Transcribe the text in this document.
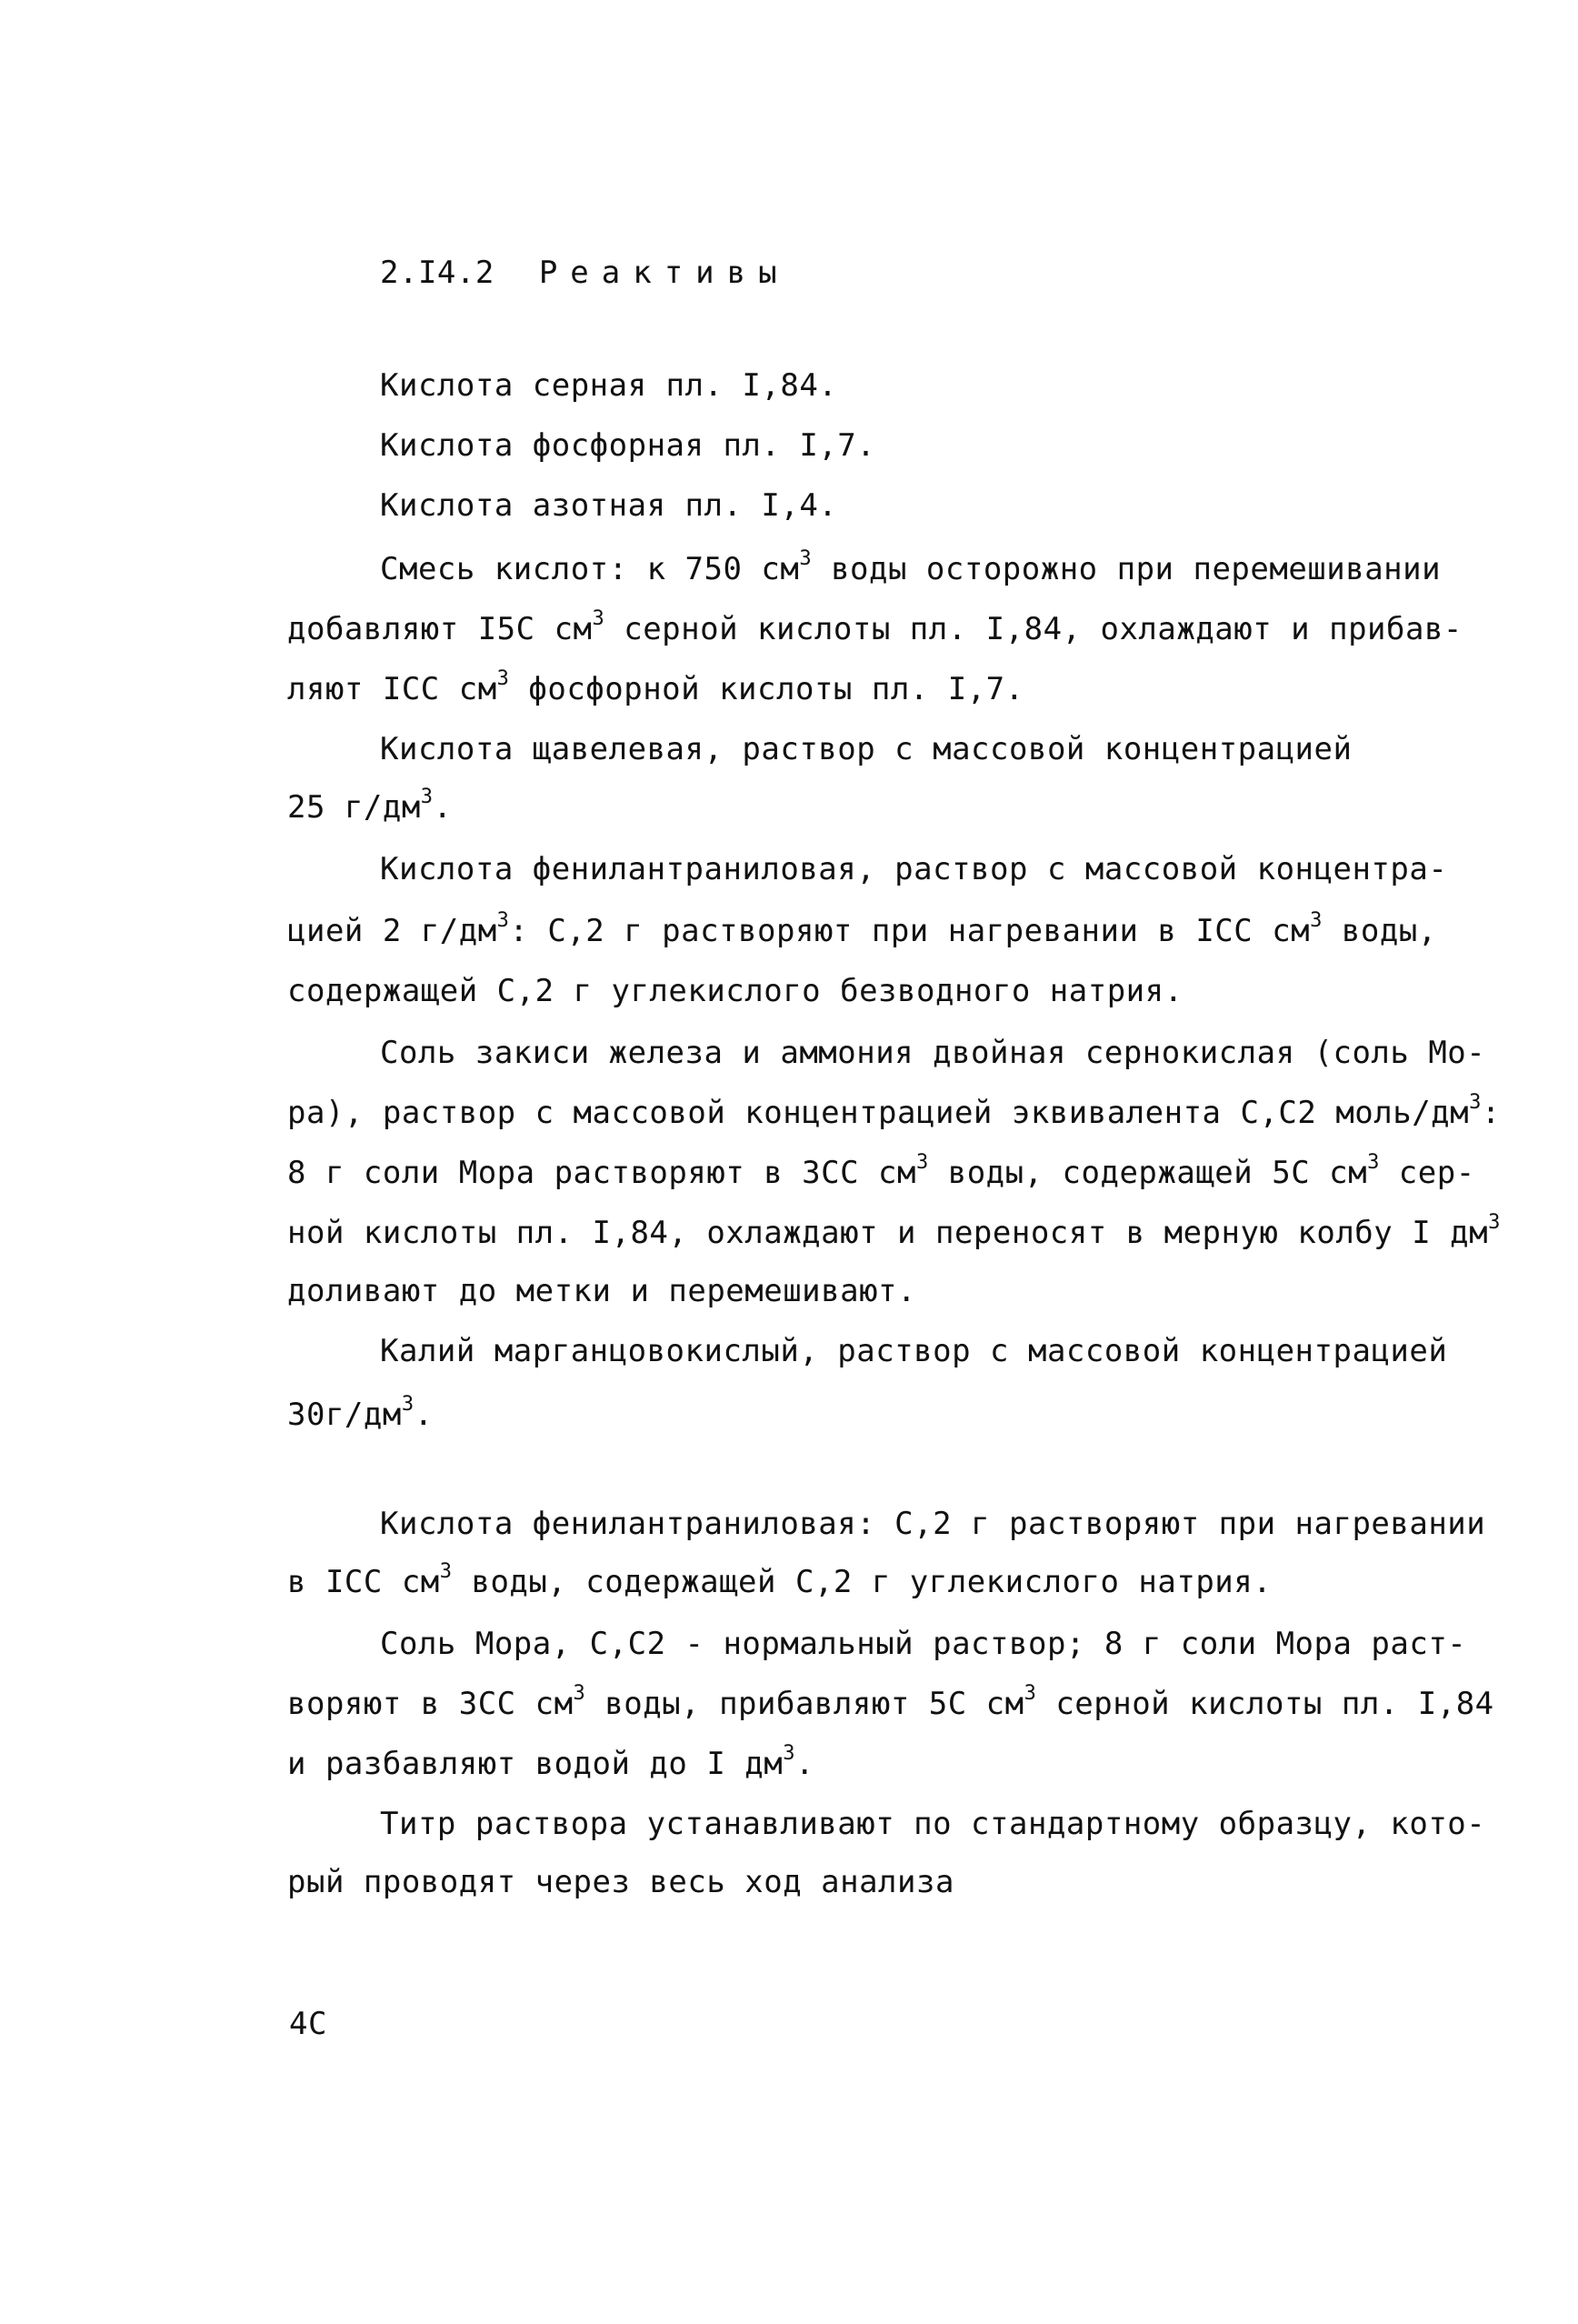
2.I4.2 Реактивы
Кислота серная пл. I,84.
Кислота фосфорная пл. I,7.
Кислота азотная пл. I,4.
Смесь кислот: к 750 $см^3$ воды осторожно при перемешивании
добавляют I5C $см^3$ серной кислоты пл. I,84, охлаждают и прибав-
ляют IСС $см^3$ фосфорной кислоты пл. I,7.
Кислота щавелевая, раствор с массовой концентрацией
25 $г/дм^3$.
Кислота фенилантраниловая, раствор с массовой концентра-
цией 2 $г/дм^3$: C,2 г растворяют при нагревании в IСС $см^3$ воды,
содержащей C,2 г углекислого безводного натрия.
Соль закиси железа и аммония двойная сернокислая (соль Мо-
ра), раствор с массовой концентрацией эквивалента C,C2 моль/$дм^3$:
8 г соли Мора растворяют в 3СС $см^3$ воды, содержащей 5C $см^3$ сер-
ной кислоты пл. I,84, охлаждают и переносят в мерную колбу I $дм^3$
доливают до метки и перемешивают.
Калий марганцовокислый, раствор с массовой концентрацией
$30г/дм^3$.
Кислота фенилантраниловая: C,2 г растворяют при нагревании
в IСС $см^3$ воды, содержащей C,2 г углекислого натрия.
Соль Мора, C,C2 - нормальный раствор; 8 г соли Мора раст-
воряют в 3СС $см^3$ воды, прибавляют 5C $см^3$ серной кислоты пл. I,84
и разбавляют водой до I $дм^3$.
Титр раствора устанавливают по стандартному образцу, кото-
рый проводят через весь ход анализа
4C
